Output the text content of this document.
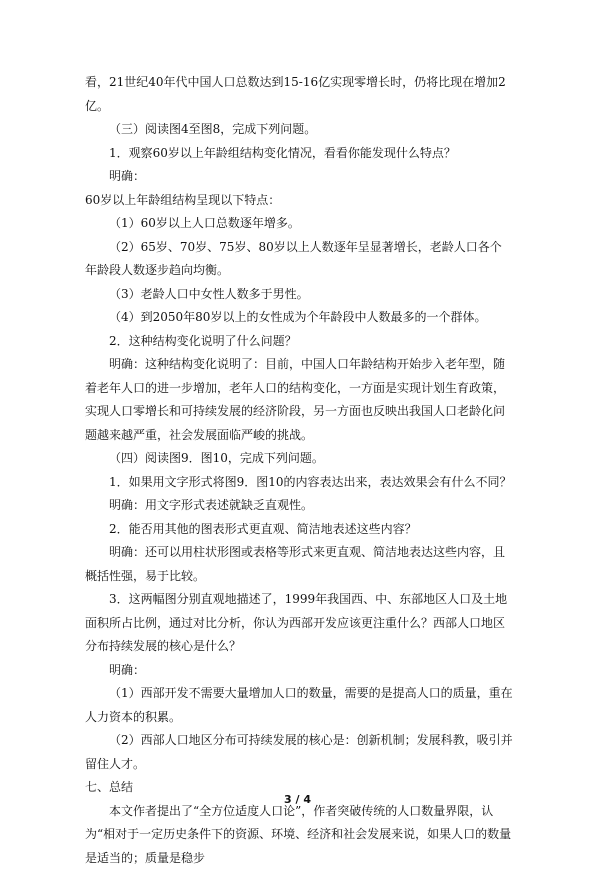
看，21世纪40年代中国人口总数达到15-16亿实现零增长时，仍将比现在增加2亿。

（三）阅读图4至图8，完成下列问题。

1．观察60岁以上年龄组结构变化情况，看看你能发现什么特点？

明确：

60岁以上年龄组结构呈现以下特点：

（1）60岁以上人口总数逐年增多。

（2）65岁、70岁、75岁、80岁以上人数逐年呈显著增长，老龄人口各个年龄段人数逐步趋向均衡。

（3）老龄人口中女性人数多于男性。

（4）到2050年80岁以上的女性成为个年龄段中人数最多的一个群体。

2．这种结构变化说明了什么问题？

明确：这种结构变化说明了：目前，中国人口年龄结构开始步入老年型，随着老年人口的进一步增加，老年人口的结构变化，一方面是实现计划生育政策，实现人口零增长和可持续发展的经济阶段，另一方面也反映出我国人口老龄化问题越来越严重，社会发展面临严峻的挑战。

（四）阅读图9．图10，完成下列问题。

1．如果用文字形式将图9．图10的内容表达出来，表达效果会有什么不同？

明确：用文字形式表述就缺乏直观性。

2．能否用其他的图表形式更直观、简洁地表述这些内容？

明确：还可以用柱状形图或表格等形式来更直观、简洁地表达这些内容，且概括性强，易于比较。

3．这两幅图分别直观地描述了，1999年我国西、中、东部地区人口及土地面积所占比例，通过对比分析，你认为西部开发应该更注重什么？西部人口地区分布持续发展的核心是什么？

明确：

（1）西部开发不需要大量增加人口的数量，需要的是提高人口的质量，重在人力资本的积累。

（2）西部人口地区分布可持续发展的核心是：创新机制；发展科教，吸引并留住人才。

七、总结

本文作者提出了“全方位适度人口论”，作者突破传统的人口数量界限，认为“相对于一定历史条件下的资源、环境、经济和社会发展来说，如果人口的数量是适当的；质量是稳步

3 / 4
